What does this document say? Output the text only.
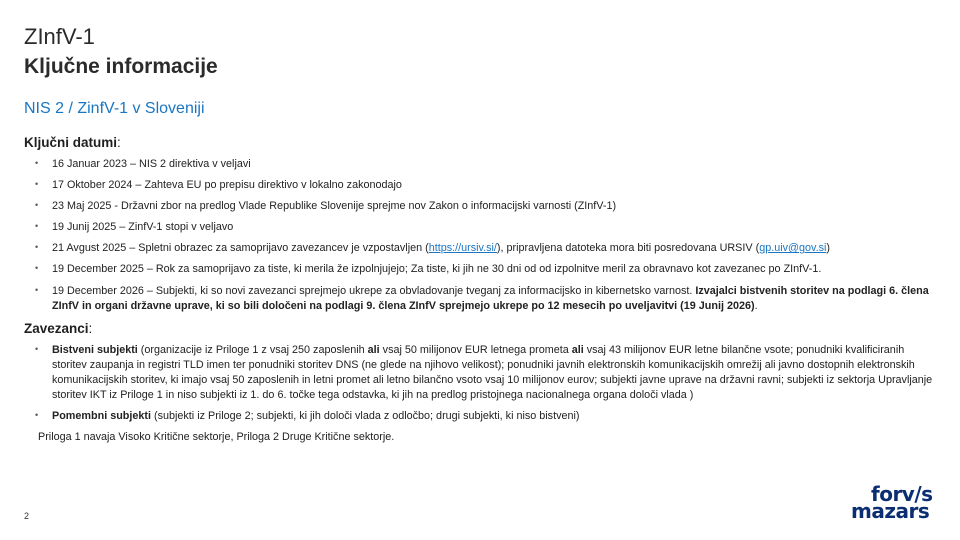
ZInfV-1
Ključne informacije
NIS 2 / ZinfV-1 v Sloveniji
Ključni datumi:
• 16 Januar 2023 – NIS 2 direktiva v veljavi
• 17 Oktober 2024 – Zahteva EU po prepisu direktivo v lokalno zakonodajo
• 23 Maj 2025 - Državni zbor na predlog Vlade Republike Slovenije sprejme nov Zakon o informacijski varnosti (ZInfV-1)
• 19 Junij 2025 – ZinfV-1 stopi v veljavo
• 21 Avgust 2025 – Spletni obrazec za samoprijavo zavezancev je vzpostavljen (https://ursiv.si/), pripravljena datoteka mora biti posredovana URSIV (gp.uiv@gov.si)
• 19 December 2025 – Rok za samoprijavo za tiste, ki merila že izpolnjujejo; Za tiste, ki jih ne 30 dni od od izpolnitve meril za obravnavo kot zavezanec po ZInfV-1.
• 19 December 2026 – Subjekti, ki so novi zavezanci sprejmejo ukrepe za obvladovanje tveganj za informacijsko in kibernetsko varnost. Izvajalci bistvenih storitev na podlagi 6. člena ZInfV in organi državne uprave, ki so bili določeni na podlagi 9. člena ZInfV sprejmejo ukrepe po 12 mesecih po uveljavitvi (19 Junij 2026).
Zavezanci:
• Bistveni subjekti (organizacije iz Priloge 1 z vsaj 250 zaposlenih ali vsaj 50 milijonov EUR letnega prometa ali vsaj 43 milijonov EUR letne bilančne vsote; ponudniki kvalificiranih storitev zaupanja in registri TLD imen ter ponudniki storitev DNS (ne glede na njihovo velikost); ponudniki javnih elektronskih komunikacijskih omrežij ali javno dostopnih elektronskih komunikacijskih storitev, ki imajo vsaj 50 zaposlenih in letni promet ali letno bilančno vsoto vsaj 10 milijonov eurov; subjekti javne uprave na državni ravni; subjekti iz sektorja Upravljanje storitev IKT iz Priloge 1 in niso subjekti iz 1. do 6. točke tega odstavka, ki jih na predlog pristojnega nacionalnega organa določi vlada )
• Pomembni subjekti (subjekti iz Priloge 2; subjekti, ki jih določi vlada z odločbo; drugi subjekti, ki niso bistveni)
Priloga 1 navaja Visoko Kritične sektorje, Priloga 2 Druge Kritične sektorje.
2
forv/s
mazars
